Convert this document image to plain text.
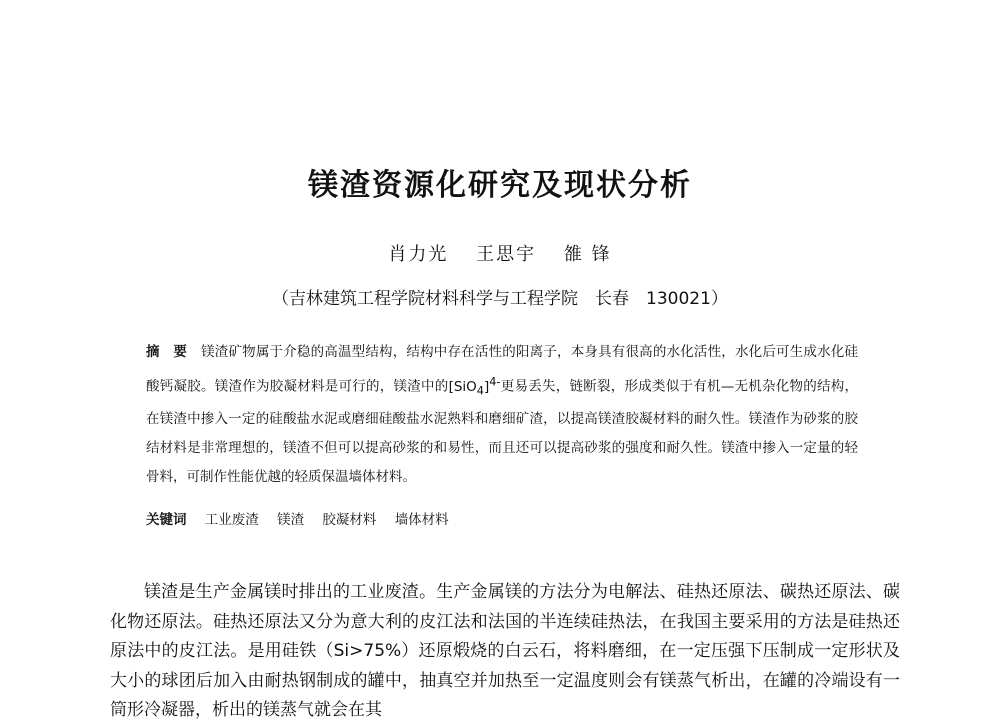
镁渣资源化研究及现状分析
肖力光 王思宇 雒 锋
（吉林建筑工程学院材料科学与工程学院　长春　130021）
摘　要 镁渣矿物属于介稳的高温型结构，结构中存在活性的阳离子，本身具有很高的水化活性，水化后可生成水化硅酸钙凝胶。镁渣作为胶凝材料是可行的，镁渣中的$[SiO_4]^{4-}$更易丢失，链断裂，形成类似于有机—无机杂化物的结构，在镁渣中掺入一定的硅酸盐水泥或磨细硅酸盐水泥熟料和磨细矿渣，以提高镁渣胶凝材料的耐久性。镁渣作为砂浆的胶结材料是非常理想的，镁渣不但可以提高砂浆的和易性，而且还可以提高砂浆的强度和耐久性。镁渣中掺入一定量的轻骨料，可制作性能优越的轻质保温墙体材料。
关键词 工业废渣 镁渣 胶凝材料 墙体材料

镁渣是生产金属镁时排出的工业废渣。生产金属镁的方法分为电解法、硅热还原法、碳热还原法、碳化物还原法。硅热还原法又分为意大利的皮江法和法国的半连续硅热法，在我国主要采用的方法是硅热还原法中的皮江法。是用硅铁（Si>75%）还原煅烧的白云石，将料磨细，在一定压强下压制成一定形状及大小的球团后加入由耐热钢制成的罐中，抽真空并加热至一定温度则会有镁蒸气析出，在罐的冷端设有一筒形冷凝器，析出的镁蒸气就会在其
